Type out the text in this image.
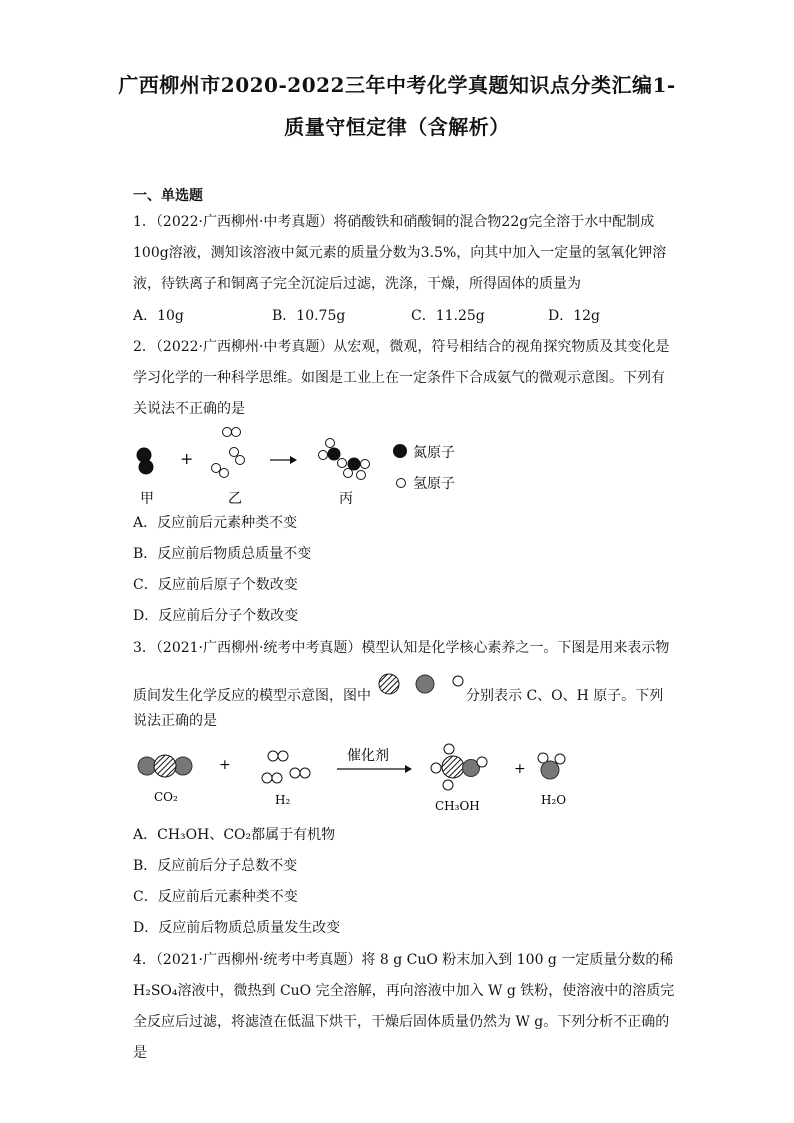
广西柳州市2020-2022三年中考化学真题知识点分类汇编1-
质量守恒定律（含解析）
一、单选题
1．（2022·广西柳州·中考真题）将硝酸铁和硝酸铜的混合物22g完全溶于水中配制成
100g溶液，测知该溶液中氮元素的质量分数为3.5%，向其中加入一定量的氢氧化钾溶
液，待铁离子和铜离子完全沉淀后过滤，洗涤，干燥，所得固体的质量为
A．10g	B．10.75g	C．11.25g	D．12g
2．（2022·广西柳州·中考真题）从宏观，微观，符号相结合的视角探究物质及其变化是
学习化学的一种科学思维。如图是工业上在一定条件下合成氨气的微观示意图。下列有
关说法不正确的是
+	氮原子
氢原子
甲	乙	丙
A．反应前后元素种类不变
B．反应前后物质总质量不变
C．反应前后原子个数改变
D．反应前后分子个数改变
3．（2021·广西柳州·统考中考真题）模型认知是化学核心素养之一。下图是用来表示物
质间发生化学反应的模型示意图，图中	分别表示 C、O、H 原子。下列
说法正确的是
+
催化剂
+
CO₂	H₂	CH₃OH	H₂O
A．CH₃OH、CO₂都属于有机物
B．反应前后分子总数不变
C．反应前后元素种类不变
D．反应前后物质总质量发生改变
4．（2021·广西柳州·统考中考真题）将 8 g CuO 粉末加入到 100 g 一定质量分数的稀
H₂SO₄溶液中，微热到 CuO 完全溶解，再向溶液中加入 W g 铁粉，使溶液中的溶质完
全反应后过滤，将滤渣在低温下烘干，干燥后固体质量仍然为 W g。下列分析不正确的
是
